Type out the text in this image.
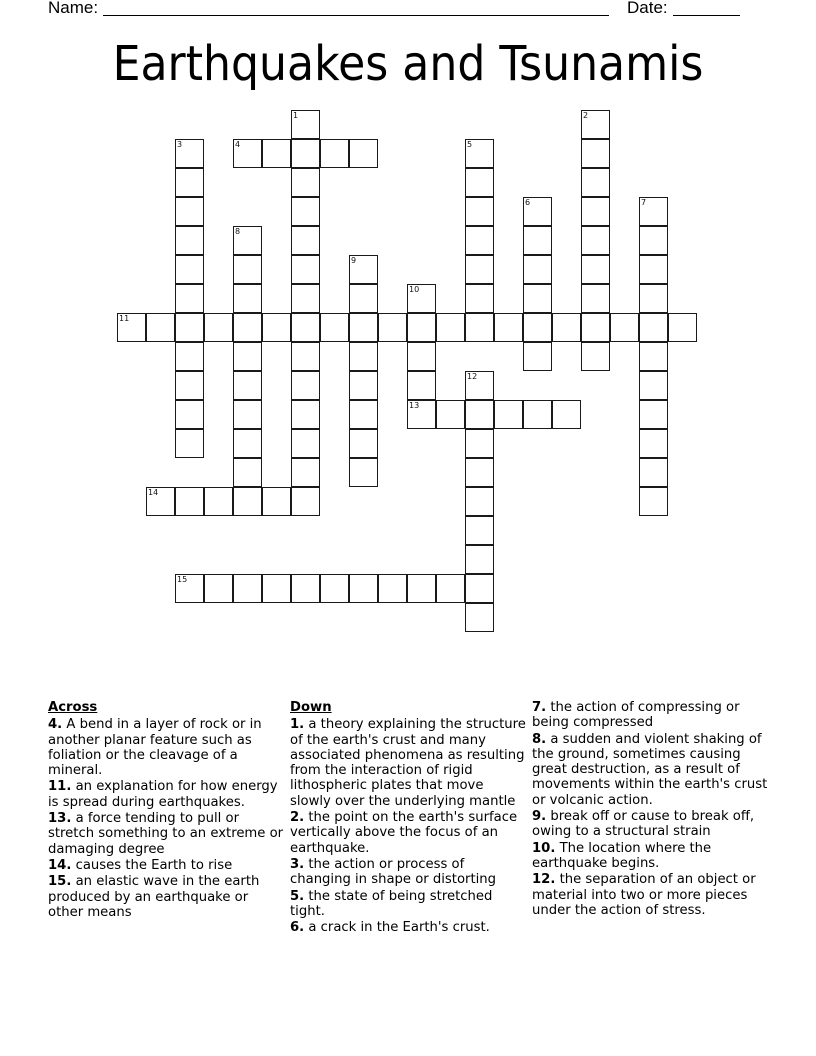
Name:	Date:
Earthquakes and Tsunamis
1	2
3	4	5
6	7
8
9
10
13
11
12
14
15
Across
4. A bend in a layer of rock or in another planar feature such as foliation or the cleavage of a mineral.
11. an explanation for how energy is spread during earthquakes.
13. a force tending to pull or stretch something to an extreme or damaging degree
14. causes the Earth to rise
15. an elastic wave in the earth produced by an earthquake or other means
Down
1. a theory explaining the structure of the earth's crust and many associated phenomena as resulting from the interaction of rigid lithospheric plates that move slowly over the underlying mantle
2. the point on the earth's surface vertically above the focus of an earthquake.
3. the action or process of changing in shape or distorting
5. the state of being stretched tight.
6. a crack in the Earth's crust.
7. the action of compressing or being compressed
8. a sudden and violent shaking of the ground, sometimes causing great destruction, as a result of movements within the earth's crust or volcanic action.
9. break off or cause to break off, owing to a structural strain
10. The location where the earthquake begins.
12. the separation of an object or material into two or more pieces under the action of stress.
